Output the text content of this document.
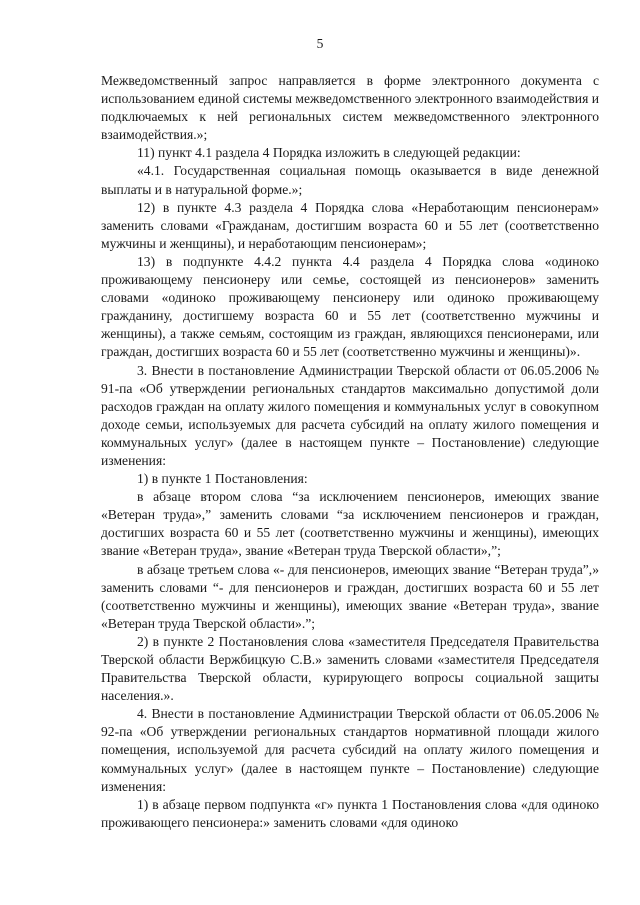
5

Межведомственный запрос направляется в форме электронного документа с использованием единой системы межведомственного электронного взаимодействия и подключаемых к ней региональных систем межведомственного электронного взаимодействия.»;

11) пункт 4.1 раздела 4 Порядка изложить в следующей редакции:

«4.1. Государственная социальная помощь оказывается в виде денежной выплаты и в натуральной форме.»;

12) в пункте 4.3 раздела 4 Порядка слова «Неработающим пенсионерам» заменить словами «Гражданам, достигшим возраста 60 и 55 лет (соответственно мужчины и женщины), и неработающим пенсионерам»;

13) в подпункте 4.4.2 пункта 4.4 раздела 4 Порядка слова «одиноко проживающему пенсионеру или семье, состоящей из пенсионеров» заменить словами «одиноко проживающему пенсионеру или одиноко проживающему гражданину, достигшему возраста 60 и 55 лет (соответственно мужчины и женщины), а также семьям, состоящим из граждан, являющихся пенсионерами, или граждан, достигших возраста 60 и 55 лет (соответственно мужчины и женщины)».

3. Внести в постановление Администрации Тверской области от 06.05.2006 № 91-па «Об утверждении региональных стандартов максимально допустимой доли расходов граждан на оплату жилого помещения и коммунальных услуг в совокупном доходе семьи, используемых для расчета субсидий на оплату жилого помещения и коммунальных услуг» (далее в настоящем пункте – Постановление) следующие изменения:

1) в пункте 1 Постановления:

в абзаце втором слова “за исключением пенсионеров, имеющих звание «Ветеран труда»,” заменить словами “за исключением пенсионеров и граждан, достигших возраста 60 и 55 лет (соответственно мужчины и женщины), имеющих звание «Ветеран труда», звание «Ветеран труда Тверской области»,”;

в абзаце третьем слова «- для пенсионеров, имеющих звание “Ветеран труда”,» заменить словами “- для пенсионеров и граждан, достигших возраста 60 и 55 лет (соответственно мужчины и женщины), имеющих звание «Ветеран труда», звание «Ветеран труда Тверской области».”;

2) в пункте 2 Постановления слова «заместителя Председателя Правительства Тверской области Вержбицкую С.В.» заменить словами «заместителя Председателя Правительства Тверской области, курирующего вопросы социальной защиты населения.».

4. Внести в постановление Администрации Тверской области от 06.05.2006 № 92-па «Об утверждении региональных стандартов нормативной площади жилого помещения, используемой для расчета субсидий на оплату жилого помещения и коммунальных услуг» (далее в настоящем пункте – Постановление) следующие изменения:

1) в абзаце первом подпункта «г» пункта 1 Постановления слова «для одиноко проживающего пенсионера:» заменить словами «для одиноко
